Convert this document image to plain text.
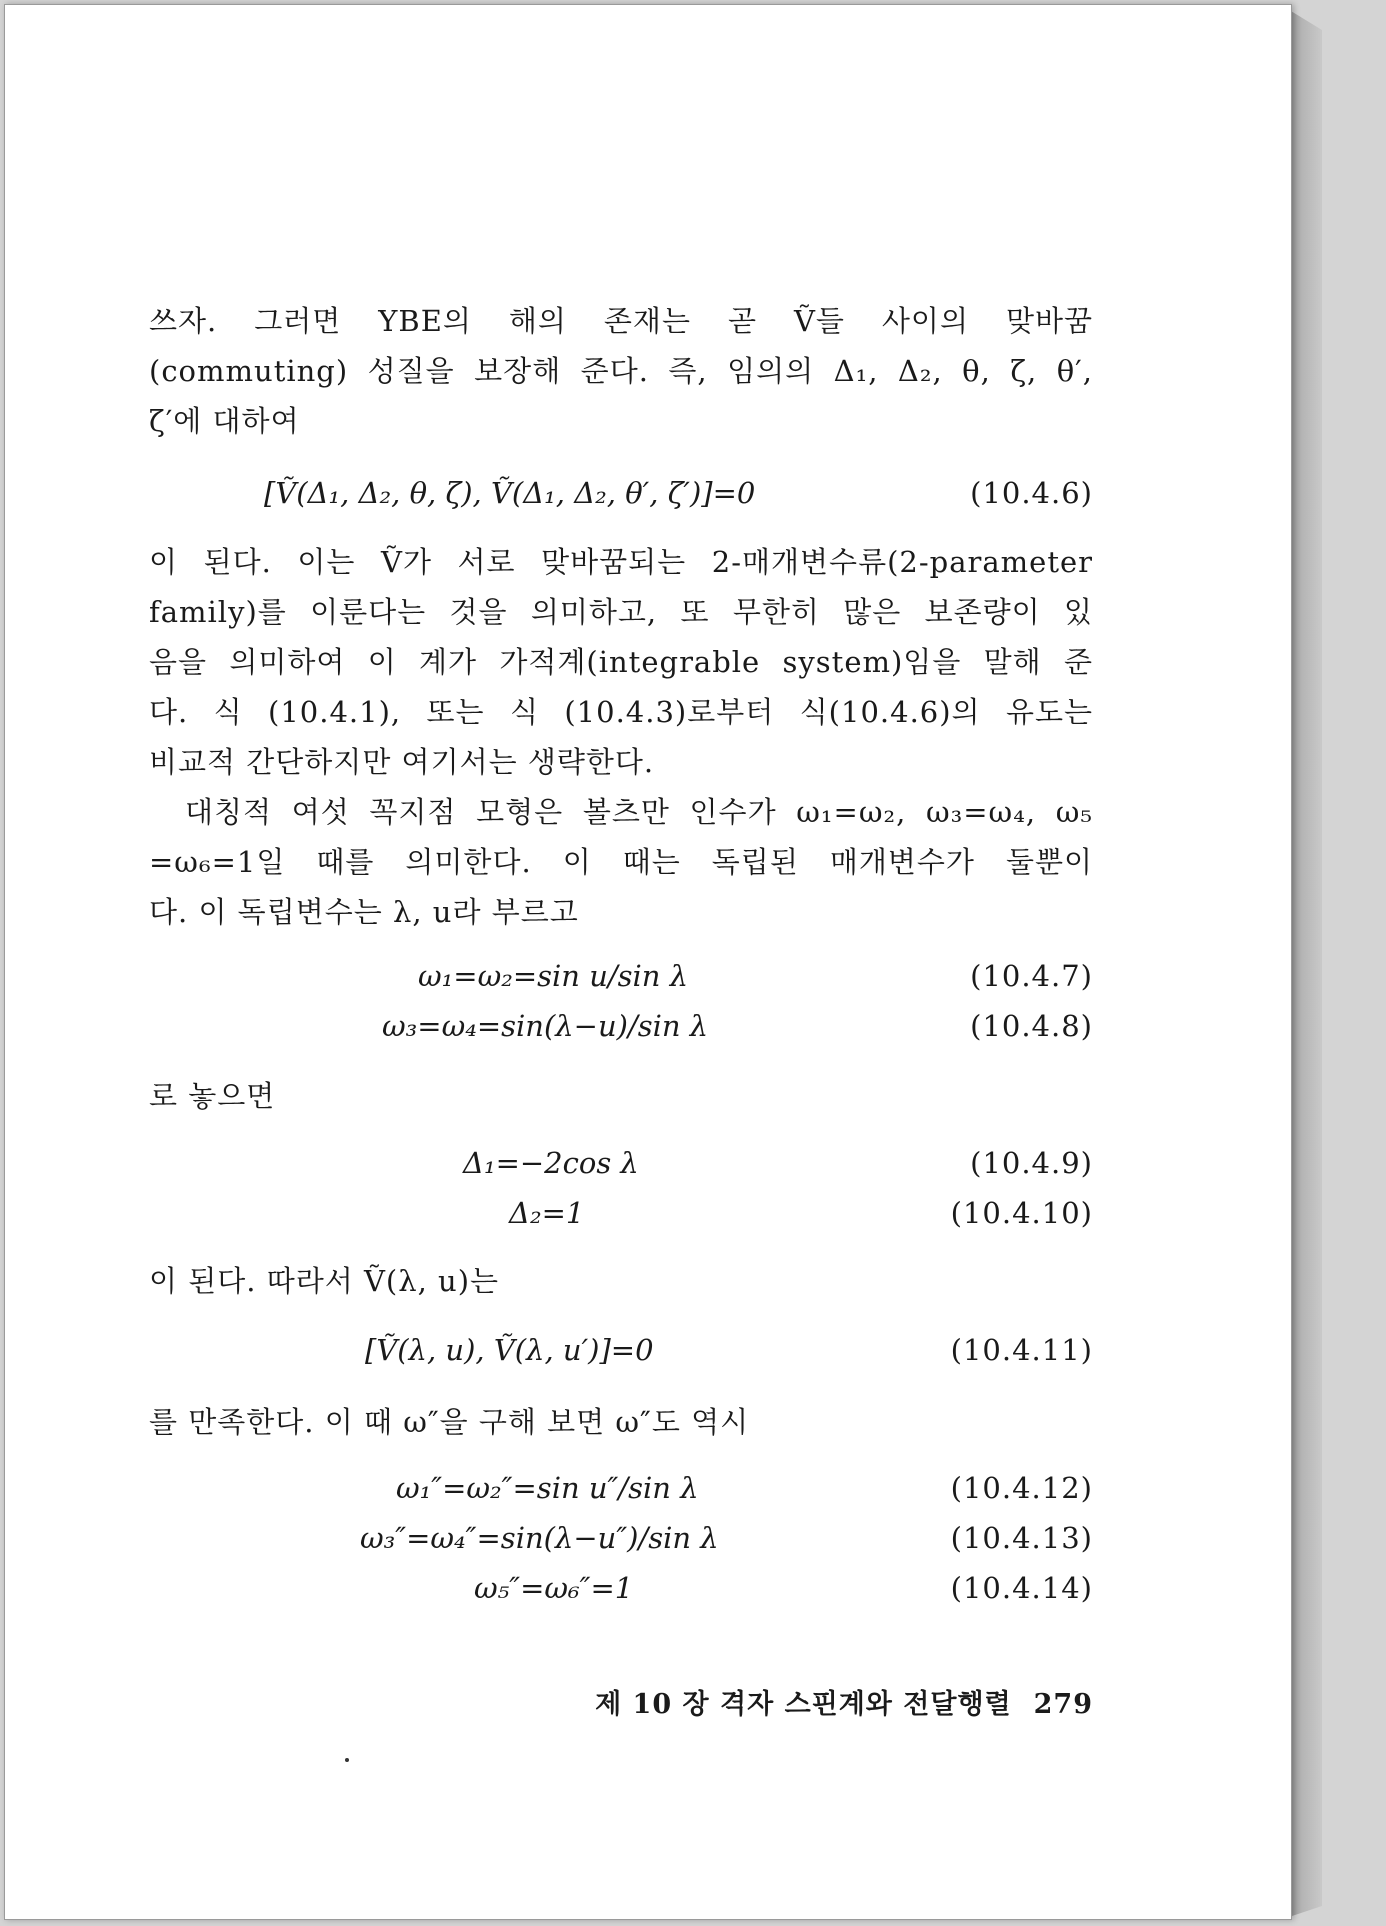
쓰자. 그러면 YBE의 해의 존재는 곧 Ṽ들 사이의 맞바꿈
(commuting) 성질을 보장해 준다. 즉, 임의의 Δ₁, Δ₂, θ, ζ, θ′,
ζ′에 대하여
[Ṽ(Δ₁, Δ₂, θ, ζ), Ṽ(Δ₁, Δ₂, θ′, ζ′)]=0	(10.4.6)
이 된다. 이는 Ṽ가 서로 맞바꿈되는 2-매개변수류(2-parameter
family)를 이룬다는 것을 의미하고, 또 무한히 많은 보존량이 있
음을 의미하여 이 계가 가적계(integrable system)임을 말해 준
다. 식 (10.4.1), 또는 식 (10.4.3)로부터 식(10.4.6)의 유도는
비교적 간단하지만 여기서는 생략한다.
대칭적 여섯 꼭지점 모형은 볼츠만 인수가 ω₁=ω₂, ω₃=ω₄, ω₅
=ω₆=1일 때를 의미한다. 이 때는 독립된 매개변수가 둘뿐이
다. 이 독립변수는 λ, u라 부르고
ω₁=ω₂=sin u/sin λ	(10.4.7)
ω₃=ω₄=sin(λ−u)/sin λ	(10.4.8)
로 놓으면
Δ₁=−2cos λ	(10.4.9)
Δ₂=1	(10.4.10)
이 된다. 따라서 Ṽ(λ, u)는
[Ṽ(λ, u), Ṽ(λ, u′)]=0	(10.4.11)
를 만족한다. 이 때 ω″을 구해 보면 ω″도 역시
ω₁″=ω₂″=sin u″/sin λ	(10.4.12)
ω₃″=ω₄″=sin(λ−u″)/sin λ	(10.4.13)
ω₅″=ω₆″=1	(10.4.14)
제 10 장 격자 스핀계와 전달행렬 279
